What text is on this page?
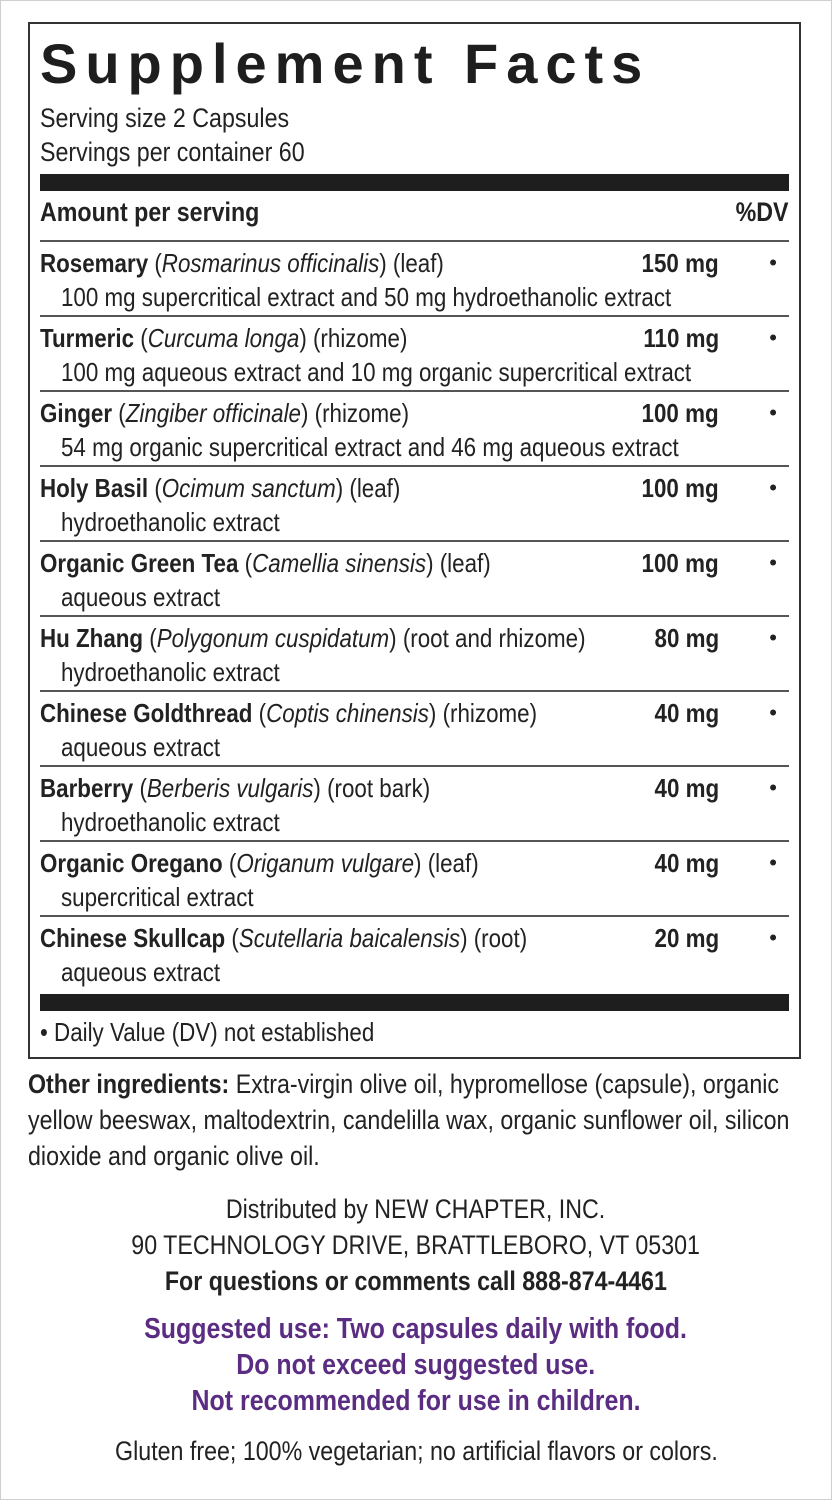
Supplement Facts
Serving size 2 Capsules
Servings per container 60
Amount per serving	%DV
Rosemary (Rosmarinus officinalis) (leaf)	150 mg •
100 mg supercritical extract and 50 mg hydroethanolic extract
Turmeric (Curcuma longa) (rhizome)	110 mg •
100 mg aqueous extract and 10 mg organic supercritical extract
Ginger (Zingiber officinale) (rhizome)	100 mg •
54 mg organic supercritical extract and 46 mg aqueous extract
Holy Basil (Ocimum sanctum) (leaf)	100 mg •
hydroethanolic extract
Organic Green Tea (Camellia sinensis) (leaf)	100 mg •
aqueous extract
Hu Zhang (Polygonum cuspidatum) (root and rhizome)	80 mg •
hydroethanolic extract
Chinese Goldthread (Coptis chinensis) (rhizome)	40 mg •
aqueous extract
Barberry (Berberis vulgaris) (root bark)	40 mg •
hydroethanolic extract
Organic Oregano (Origanum vulgare) (leaf)	40 mg •
supercritical extract
Chinese Skullcap (Scutellaria baicalensis) (root)	20 mg •
aqueous extract
• Daily Value (DV) not established
Other ingredients: Extra-virgin olive oil, hypromellose (capsule), organic yellow beeswax, maltodextrin, candelilla wax, organic sunflower oil, silicon dioxide and organic olive oil.
Distributed by NEW CHAPTER, INC.
90 TECHNOLOGY DRIVE, BRATTLEBORO, VT 05301
For questions or comments call 888-874-4461
Suggested use: Two capsules daily with food.
Do not exceed suggested use.
Not recommended for use in children.
Gluten free; 100% vegetarian; no artificial flavors or colors.
